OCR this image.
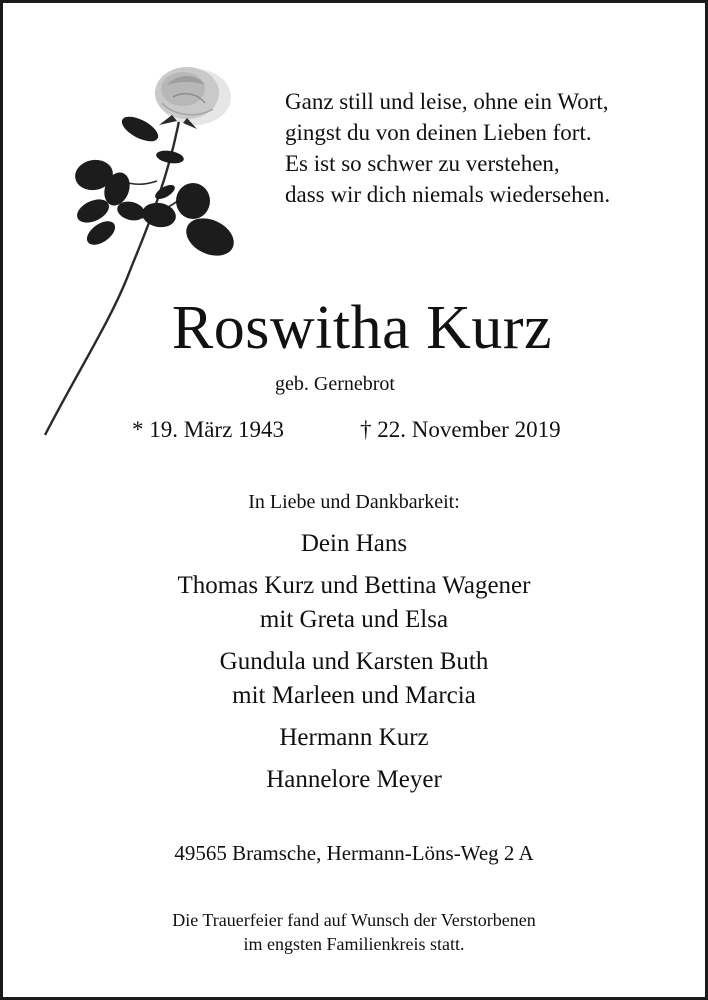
Ganz still und leise, ohne ein Wort,
gingst du von deinen Lieben fort.
Es ist so schwer zu verstehen,
dass wir dich niemals wiedersehen.

Roswitha Kurz
geb. Gernebrot
* 19. März 1943	† 22. November 2019
In Liebe und Dankbarkeit:
Dein Hans
Thomas Kurz und Bettina Wagener
mit Greta und Elsa
Gundula und Karsten Buth
mit Marleen und Marcia
Hermann Kurz
Hannelore Meyer
49565 Bramsche, Hermann-Löns-Weg 2 A
Die Trauerfeier fand auf Wunsch der Verstorbenen
im engsten Familienkreis statt.
